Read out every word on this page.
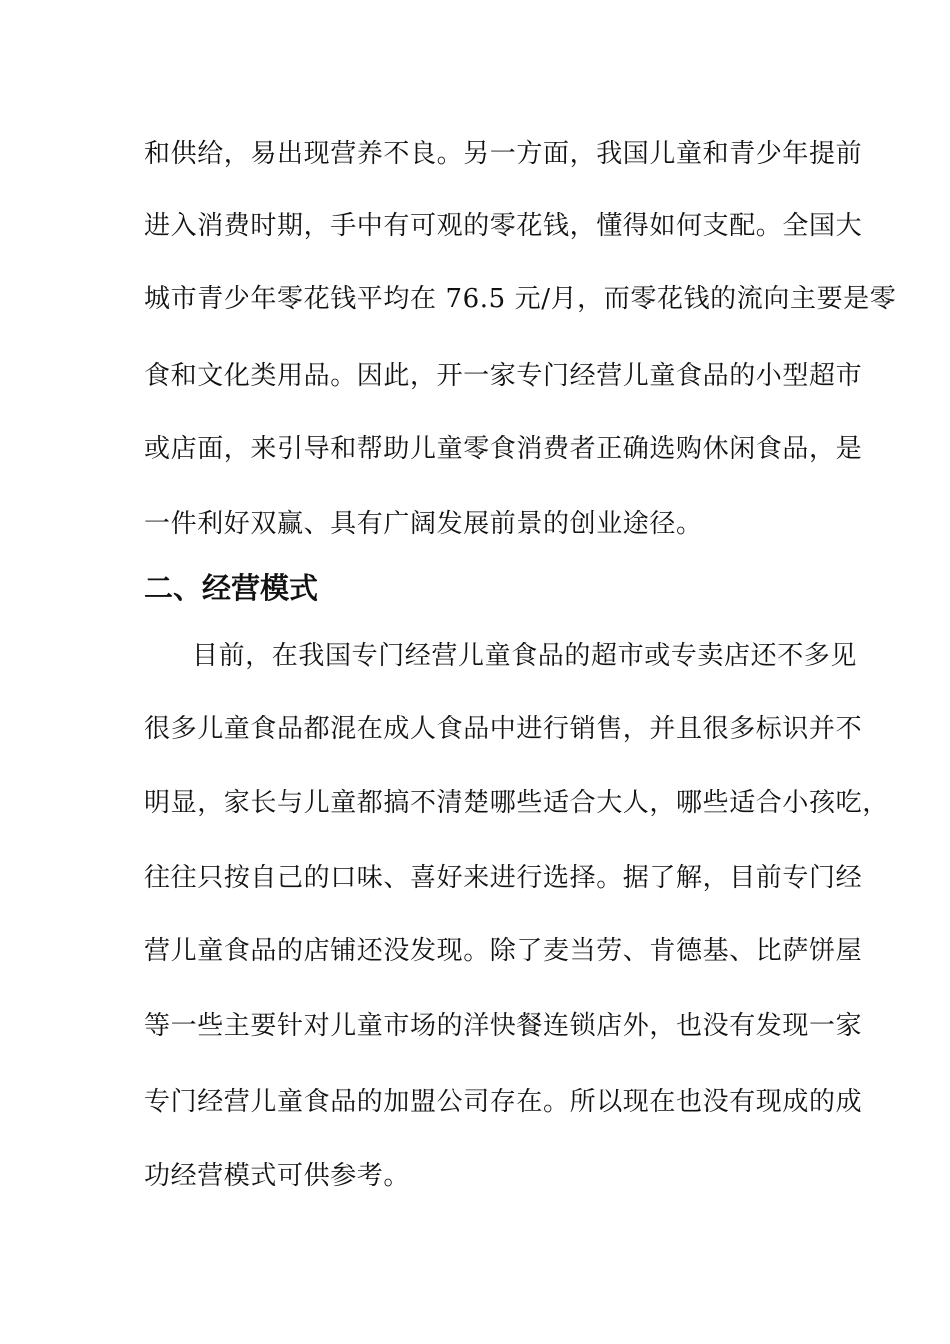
和供给，易出现营养不良。另一方面，我国儿童和青少年提前
进入消费时期，手中有可观的零花钱，懂得如何支配。全国大
城市青少年零花钱平均在 76.5 元/月，而零花钱的流向主要是零
食和文化类用品。因此，开一家专门经营儿童食品的小型超市
或店面，来引导和帮助儿童零食消费者正确选购休闲食品，是
一件利好双赢、具有广阔发展前景的创业途径。
二、经营模式
目前，在我国专门经营儿童食品的超市或专卖店还不多见
很多儿童食品都混在成人食品中进行销售，并且很多标识并不
明显，家长与儿童都搞不清楚哪些适合大人，哪些适合小孩吃，
往往只按自己的口味、喜好来进行选择。据了解，目前专门经
营儿童食品的店铺还没发现。除了麦当劳、肯德基、比萨饼屋
等一些主要针对儿童市场的洋快餐连锁店外，也没有发现一家
专门经营儿童食品的加盟公司存在。所以现在也没有现成的成
功经营模式可供参考。
